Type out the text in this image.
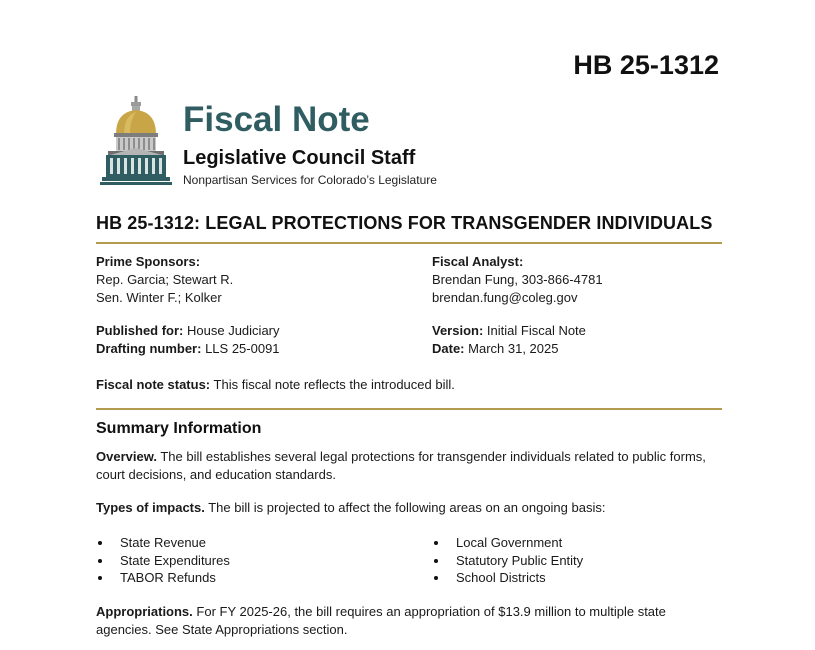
HB 25-1312
Fiscal Note
Legislative Council Staff
Nonpartisan Services for Colorado’s Legislature
HB 25-1312: LEGAL PROTECTIONS FOR TRANSGENDER INDIVIDUALS
Prime Sponsors:
Rep. Garcia; Stewart R.
Sen. Winter F.; Kolker
Fiscal Analyst:
Brendan Fung, 303-866-4781
brendan.fung@coleg.gov
Published for: House Judiciary
Drafting number: LLS 25-0091
Version: Initial Fiscal Note
Date: March 31, 2025
Fiscal note status: This fiscal note reflects the introduced bill.
Summary Information
Overview. The bill establishes several legal protections for transgender individuals related to public forms, court decisions, and education standards.
Types of impacts. The bill is projected to affect the following areas on an ongoing basis:
State Revenue
State Expenditures
TABOR Refunds
Local Government
Statutory Public Entity
School Districts
Appropriations. For FY 2025-26, the bill requires an appropriation of $13.9 million to multiple state agencies. See State Appropriations section.
